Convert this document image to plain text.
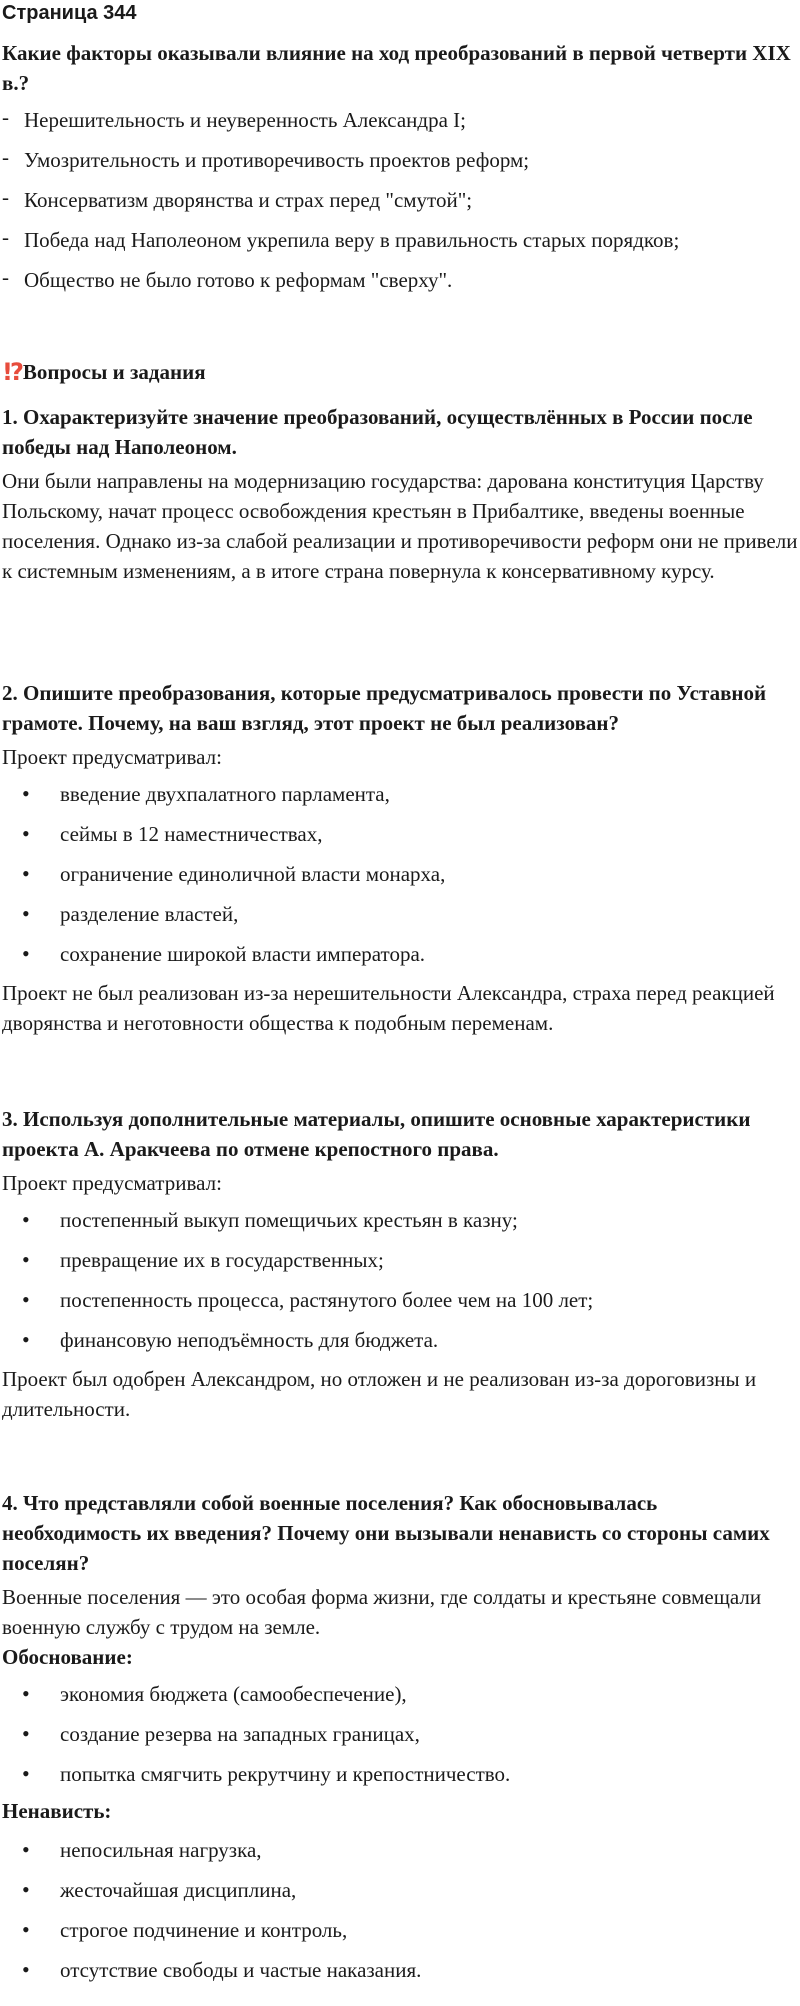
Страница 344

Какие факторы оказывали влияние на ход преобразований в первой четверти XIX в.?

- Нерешительность и неуверенность Александра I;
- Умозрительность и противоречивость проектов реформ;
- Консерватизм дворянства и страх перед "смутой";
- Победа над Наполеоном укрепила веру в правильность старых порядков;
- Общество не было готово к реформам "сверху".

!? Вопросы и задания

1. Охарактеризуйте значение преобразований, осуществлённых в России после победы над Наполеоном.

Они были направлены на модернизацию государства: дарована конституция Царству Польскому, начат процесс освобождения крестьян в Прибалтике, введены военные поселения. Однако из-за слабой реализации и противоречивости реформ они не привели к системным изменениям, а в итоге страна повернула к консервативному курсу.

2. Опишите преобразования, которые предусматривалось провести по Уставной грамоте. Почему, на ваш взгляд, этот проект не был реализован?

Проект предусматривал:

• введение двухпалатного парламента,
• сеймы в 12 наместничествах,
• ограничение единоличной власти монарха,
• разделение властей,
• сохранение широкой власти императора.

Проект не был реализован из-за нерешительности Александра, страха перед реакцией дворянства и неготовности общества к подобным переменам.

3. Используя дополнительные материалы, опишите основные характеристики проекта А. Аракчеева по отмене крепостного права.

Проект предусматривал:

• постепенный выкуп помещичьих крестьян в казну;
• превращение их в государственных;
• постепенность процесса, растянутого более чем на 100 лет;
• финансовую неподъёмность для бюджета.

Проект был одобрен Александром, но отложен и не реализован из-за дороговизны и длительности.

4. Что представляли собой военные поселения? Как обосновывалась необходимость их введения? Почему они вызывали ненависть со стороны самих поселян?

Военные поселения — это особая форма жизни, где солдаты и крестьяне совмещали военную службу с трудом на земле.

Обоснование:

• экономия бюджета (самообеспечение),
• создание резерва на западных границах,
• попытка смягчить рекрутчину и крепостничество.

Ненависть:

• непосильная нагрузка,
• жесточайшая дисциплина,
• строгое подчинение и контроль,
• отсутствие свободы и частые наказания.
